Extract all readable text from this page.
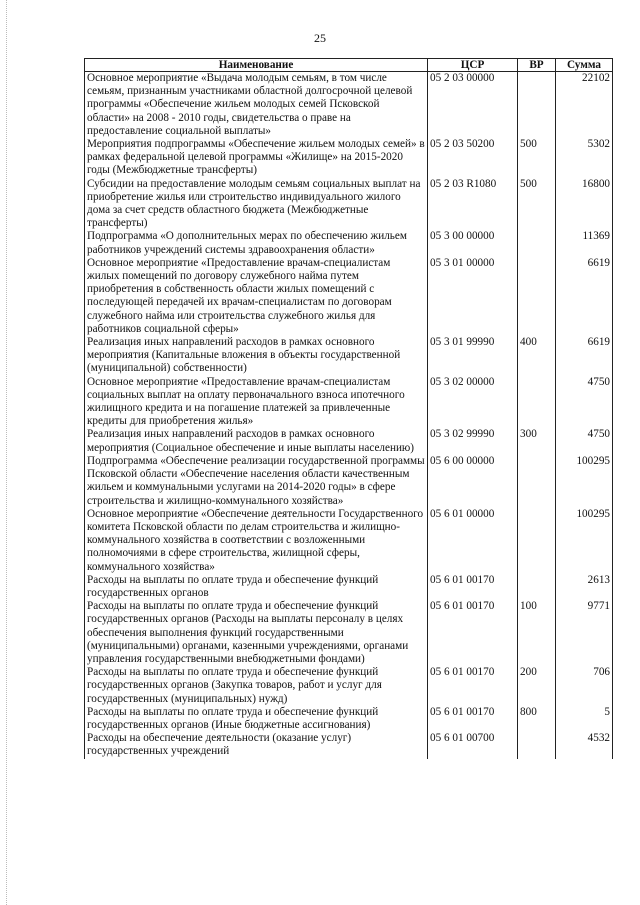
25
Наименование	ЦСР	ВР	Сумма
Основное мероприятие «Выдача молодым семьям, в том числе семьям, признанным участниками областной долгосрочной целевой программы «Обеспечение жильем молодых семей Псковской области» на 2008 - 2010 годы, свидетельства о праве на предоставление социальной выплаты»	05 2 03 00000		22102
Мероприятия подпрограммы «Обеспечение жильем молодых семей» в рамках федеральной целевой программы «Жилище» на 2015-2020 годы (Межбюджетные трансферты)	05 2 03 50200	500	5302
Субсидии на предоставление молодым семьям социальных выплат на приобретение жилья или строительство индивидуального жилого дома за счет средств областного бюджета (Межбюджетные трансферты)	05 2 03 R1080	500	16800
Подпрограмма «О дополнительных мерах по обеспечению жильем работников учреждений системы здравоохранения области»	05 3 00 00000		11369
Основное мероприятие «Предоставление врачам-специалистам жилых помещений по договору служебного найма путем приобретения в собственность области жилых помещений с последующей передачей их врачам-специалистам по договорам служебного найма или строительства служебного жилья для работников социальной сферы»	05 3 01 00000		6619
Реализация иных направлений расходов в рамках основного мероприятия (Капитальные вложения в объекты государственной (муниципальной) собственности)	05 3 01 99990	400	6619
Основное мероприятие «Предоставление врачам-специалистам социальных выплат на оплату первоначального взноса ипотечного жилищного кредита и на погашение платежей за привлеченные кредиты для приобретения жилья»	05 3 02 00000		4750
Реализация иных направлений расходов в рамках основного мероприятия (Социальное обеспечение и иные выплаты населению)	05 3 02 99990	300	4750
Подпрограмма «Обеспечение реализации государственной программы Псковской области «Обеспечение населения области качественным жильем и коммунальными услугами на 2014-2020 годы» в сфере строительства и жилищно-коммунального хозяйства»	05 6 00 00000		100295
Основное мероприятие «Обеспечение деятельности Государственного комитета Псковской области по делам строительства и жилищно-коммунального хозяйства в соответствии с возложенными полномочиями в сфере строительства, жилищной сферы, коммунального хозяйства»	05 6 01 00000		100295
Расходы на выплаты по оплате труда и обеспечение функций государственных органов	05 6 01 00170		2613
Расходы на выплаты по оплате труда и обеспечение функций государственных органов (Расходы на выплаты персоналу в целях обеспечения выполнения функций государственными (муниципальными) органами, казенными учреждениями, органами управления государственными внебюджетными фондами)	05 6 01 00170	100	9771
Расходы на выплаты по оплате труда и обеспечение функций государственных органов (Закупка товаров, работ и услуг для государственных (муниципальных) нужд)	05 6 01 00170	200	706
Расходы на выплаты по оплате труда и обеспечение функций государственных органов (Иные бюджетные ассигнования)	05 6 01 00170	800	5
Расходы на обеспечение деятельности (оказание услуг) государственных учреждений	05 6 01 00700		4532
